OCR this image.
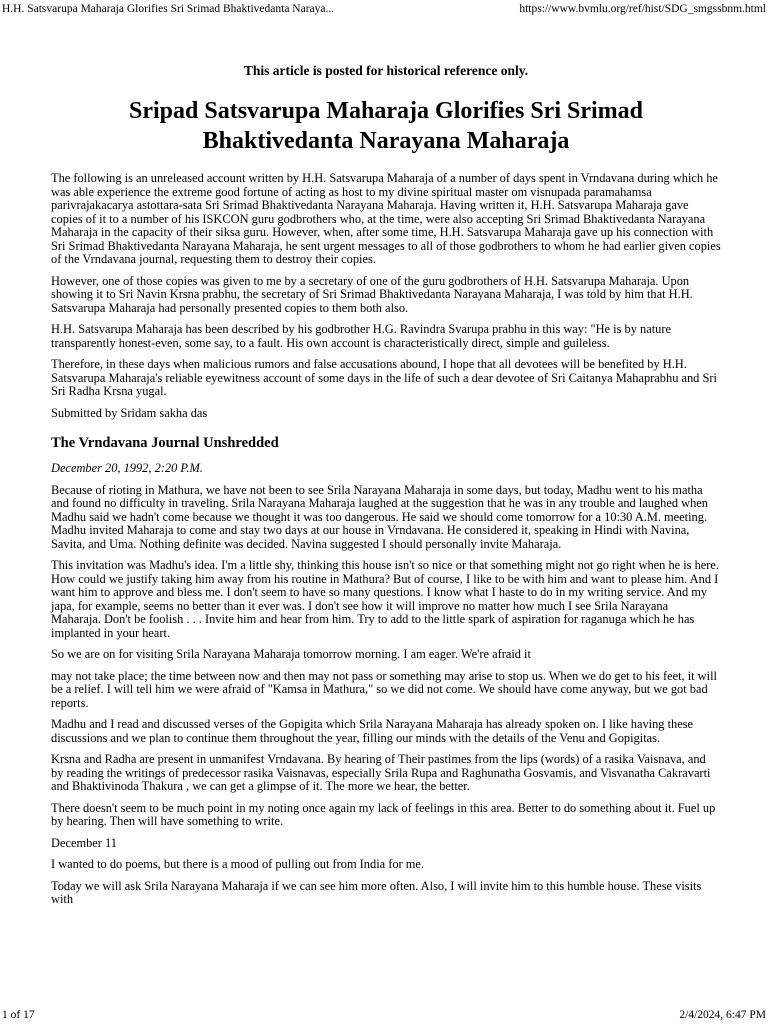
H.H. Satsvarupa Maharaja Glorifies Sri Srimad Bhaktivedanta Naraya...	https://www.bvmlu.org/ref/hist/SDG_smgssbnm.html
This article is posted for historical reference only.
Sripad Satsvarupa Maharaja Glorifies Sri Srimad
Bhaktivedanta Narayana Maharaja

The following is an unreleased account written by H.H. Satsvarupa Maharaja of a number of days spent in Vrndavana during which he was able experience the extreme good fortune of acting as host to my divine spiritual master om visnupada paramahamsa parivrajakacarya astottara-sata Sri Srimad Bhaktivedanta Narayana Maharaja. Having written it, H.H. Satsvarupa Maharaja gave copies of it to a number of his ISKCON guru godbrothers who, at the time, were also accepting Sri Srimad Bhaktivedanta Narayana Maharaja in the capacity of their siksa guru. However, when, after some time, H.H. Satsvarupa Maharaja gave up his connection with Sri Srimad Bhaktivedanta Narayana Maharaja, he sent urgent messages to all of those godbrothers to whom he had earlier given copies of the Vrndavana journal, requesting them to destroy their copies.

However, one of those copies was given to me by a secretary of one of the guru godbrothers of H.H. Satsvarupa Maharaja. Upon showing it to Sri Navin Krsna prabhu, the secretary of Sri Srimad Bhaktivedanta Narayana Maharaja, I was told by him that H.H. Satsvarupa Maharaja had personally presented copies to them both also.

H.H. Satsvarupa Maharaja has been described by his godbrother H.G. Ravindra Svarupa prabhu in this way: "He is by nature transparently honest-even, some say, to a fault. His own account is characteristically direct, simple and guileless.

Therefore, in these days when malicious rumors and false accusations abound, I hope that all devotees will be benefited by H.H. Satsvarupa Maharaja's reliable eyewitness account of some days in the life of such a dear devotee of Sri Caitanya Mahaprabhu and Sri Sri Radha Krsna yugal.

Submitted by Sridam sakha das

The Vrndavana Journal Unshredded

December 20, 1992, 2:20 P.M.

Because of rioting in Mathura, we have not been to see Srila Narayana Maharaja in some days, but today, Madhu went to his matha and found no difficulty in traveling. Srila Narayana Maharaja laughed at the suggestion that he was in any trouble and laughed when Madhu said we hadn't come because we thought it was too dangerous. He said we should come tomorrow for a 10:30 A.M. meeting. Madhu invited Maharaja to come and stay two days at our house in Vrndavana. He considered it, speaking in Hindi with Navina, Savita, and Uma. Nothing definite was decided. Navina suggested I should personally invite Maharaja.

This invitation was Madhu's idea. I'm a little shy, thinking this house isn't so nice or that something might not go right when he is here. How could we justify taking him away from his routine in Mathura? But of course, I like to be with him and want to please him. And I want him to approve and bless me. I don't seem to have so many questions. I know what I haste to do in my writing service. And my japa, for example, seems no better than it ever was. I don't see how it will improve no matter how much I see Srila Narayana Maharaja. Don't be foolish . . . Invite him and hear from him. Try to add to the little spark of aspiration for raganuga which he has implanted in your heart.

So we are on for visiting Srila Narayana Maharaja tomorrow morning. I am eager. We're afraid it

may not take place; the time between now and then may not pass or something may arise to stop us. When we do get to his feet, it will be a relief. I will tell him we were afraid of "Kamsa in Mathura," so we did not come. We should have come anyway, but we got bad reports.

Madhu and I read and discussed verses of the Gopigita which Srila Narayana Maharaja has already spoken on. I like having these discussions and we plan to continue them throughout the year, filling our minds with the details of the Venu and Gopigitas.

Krsna and Radha are present in unmanifest Vrndavana. By hearing of Their pastimes from the lips (words) of a rasika Vaisnava, and by reading the writings of predecessor rasika Vaisnavas, especially Srila Rupa and Raghunatha Gosvamis, and Visvanatha Cakravarti and Bhaktivinoda Thakura , we can get a glimpse of it. The more we hear, the better.

There doesn't seem to be much point in my noting once again my lack of feelings in this area. Better to do something about it. Fuel up by hearing. Then will have something to write.

December 11

I wanted to do poems, but there is a mood of pulling out from India for me.

Today we will ask Srila Narayana Maharaja if we can see him more often. Also, I will invite him to this humble house. These visits with

1 of 17	2/4/2024, 6:47 PM
